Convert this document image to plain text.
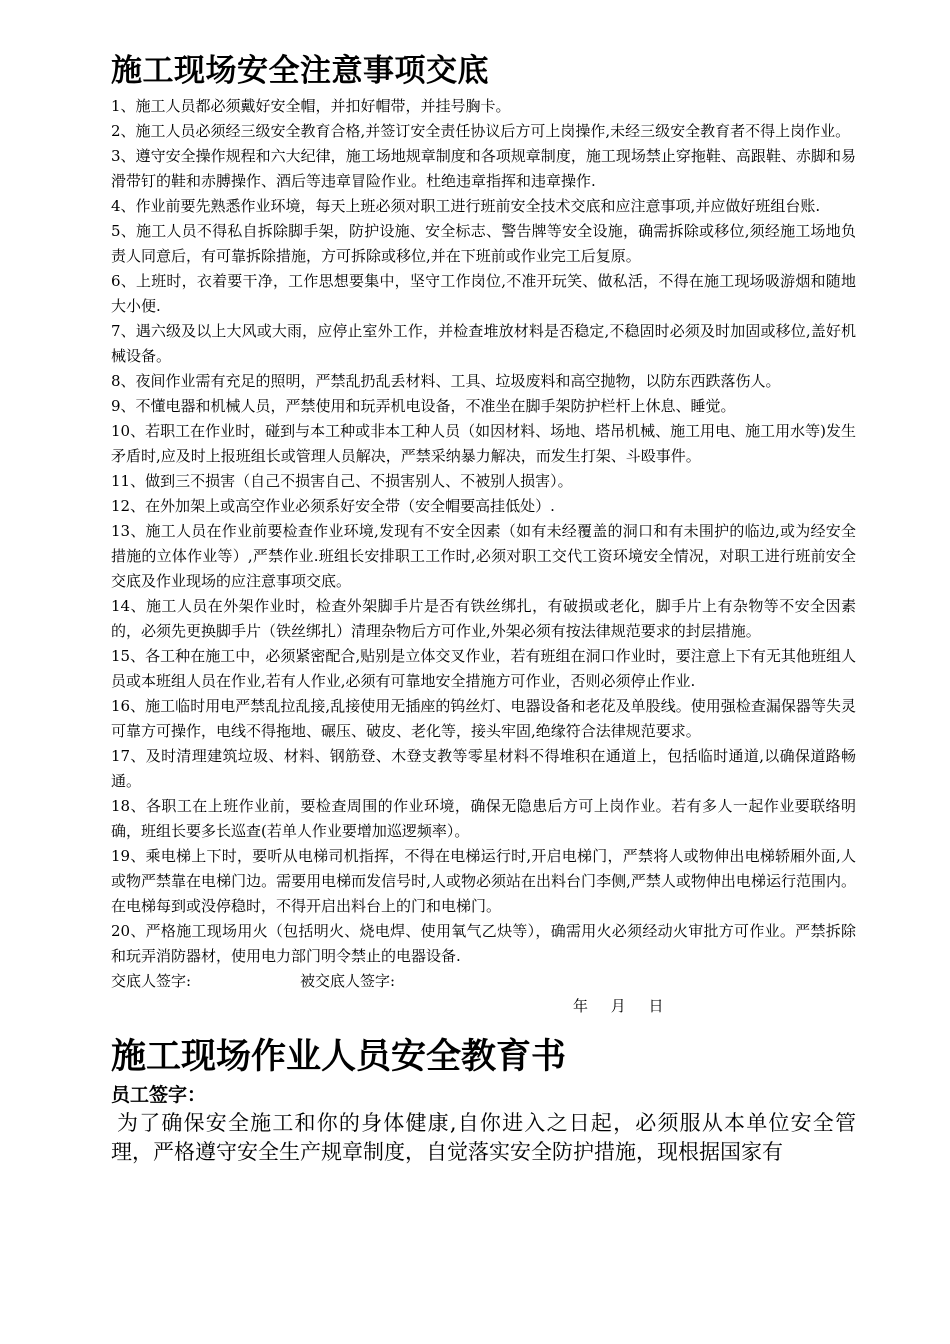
施工现场安全注意事项交底
1、施工人员都必须戴好安全帽，并扣好帽带，并挂号胸卡。
2、施工人员必须经三级安全教育合格,并签订安全责任协议后方可上岗操作,未经三级安全教育者不得上岗作业。
3、遵守安全操作规程和六大纪律，施工场地规章制度和各项规章制度，施工现场禁止穿拖鞋、高跟鞋、赤脚和易滑带钉的鞋和赤膊操作、酒后等违章冒险作业。杜绝违章指挥和违章操作.
4、作业前要先熟悉作业环境，每天上班必须对职工进行班前安全技术交底和应注意事项,并应做好班组台账.
5、施工人员不得私自拆除脚手架，防护设施、安全标志、警告牌等安全设施，确需拆除或移位,须经施工场地负责人同意后，有可靠拆除措施，方可拆除或移位,并在下班前或作业完工后复原。
6、上班时，衣着要干净，工作思想要集中，坚守工作岗位,不准开玩笑、做私活，不得在施工现场吸游烟和随地大小便.
7、遇六级及以上大风或大雨，应停止室外工作，并检查堆放材料是否稳定,不稳固时必须及时加固或移位,盖好机械设备。
8、夜间作业需有充足的照明，严禁乱扔乱丢材料、工具、垃圾废料和高空抛物，以防东西跌落伤人。
9、不懂电器和机械人员，严禁使用和玩弄机电设备，不准坐在脚手架防护栏杆上休息、睡觉。
10、若职工在作业时，碰到与本工种或非本工种人员（如因材料、场地、塔吊机械、施工用电、施工用水等)发生矛盾时,应及时上报班组长或管理人员解决，严禁采纳暴力解决，而发生打架、斗殴事件。
11、做到三不损害（自己不损害自己、不损害别人、不被别人损害）。
12、在外加架上或高空作业必须系好安全带（安全帽要高挂低处）.
13、施工人员在作业前要检查作业环境,发现有不安全因素（如有未经覆盖的洞口和有未围护的临边,或为经安全措施的立体作业等）,严禁作业.班组长安排职工工作时,必须对职工交代工资环境安全情况，对职工进行班前安全交底及作业现场的应注意事项交底。
14、施工人员在外架作业时，检查外架脚手片是否有铁丝绑扎，有破损或老化，脚手片上有杂物等不安全因素的，必须先更换脚手片（铁丝绑扎）清理杂物后方可作业,外架必须有按法律规范要求的封层措施。
15、各工种在施工中，必须紧密配合,贴别是立体交叉作业，若有班组在洞口作业时，要注意上下有无其他班组人员或本班组人员在作业,若有人作业,必须有可靠地安全措施方可作业，否则必须停止作业.
16、施工临时用电严禁乱拉乱接,乱接使用无插座的钨丝灯、电器设备和老花及单股线。使用强检查漏保器等失灵可靠方可操作，电线不得拖地、碾压、破皮、老化等，接头牢固,绝缘符合法律规范要求。
17、及时清理建筑垃圾、材料、钢筋登、木登支教等零星材料不得堆积在通道上，包括临时通道,以确保道路畅通。
18、各职工在上班作业前，要检查周围的作业环境，确保无隐患后方可上岗作业。若有多人一起作业要联络明确，班组长要多长巡查(若单人作业要增加巡逻频率）。
19、乘电梯上下时，要听从电梯司机指挥，不得在电梯运行时,开启电梯门，严禁将人或物伸出电梯轿厢外面,人或物严禁靠在电梯门边。需要用电梯而发信号时,人或物必须站在出料台门李侧,严禁人或物伸出电梯运行范围内。在电梯每到或没停稳时，不得开启出料台上的门和电梯门。
20、严格施工现场用火（包括明火、烧电焊、使用氧气乙炔等），确需用火必须经动火审批方可作业。严禁拆除和玩弄消防器材，使用电力部门明令禁止的电器设备.
交底人签字:	被交底人签字:
年 月 日
施工现场作业人员安全教育书
员工签字：
为了确保安全施工和你的身体健康,自你进入之日起，必须服从本单位安全管理，严格遵守安全生产规章制度，自觉落实安全防护措施，现根据国家有
